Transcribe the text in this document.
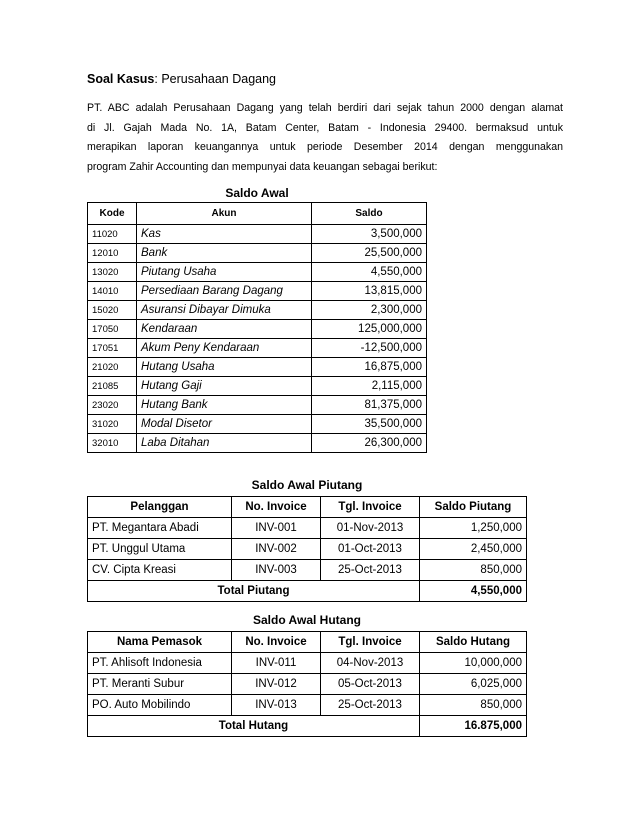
Soal Kasus: Perusahaan Dagang
PT. ABC adalah Perusahaan Dagang yang telah berdiri dari sejak tahun 2000 dengan alamat
di Jl. Gajah Mada No. 1A, Batam Center, Batam - Indonesia 29400. bermaksud untuk
merapikan laporan keuangannya untuk periode Desember 2014 dengan menggunakan
program Zahir Accounting dan mempunyai data keuangan sebagai berikut:
Saldo Awal
Kode	Akun	Saldo
11020	Kas	3,500,000
12010	Bank	25,500,000
13020	Piutang Usaha	4,550,000
14010	Persediaan Barang Dagang	13,815,000
15020	Asuransi Dibayar Dimuka	2,300,000
17050	Kendaraan	125,000,000
17051	Akum Peny Kendaraan	-12,500,000
21020	Hutang Usaha	16,875,000
21085	Hutang Gaji	2,115,000
23020	Hutang Bank	81,375,000
31020	Modal Disetor	35,500,000
32010	Laba Ditahan	26,300,000
Saldo Awal Piutang
Pelanggan	No. Invoice	Tgl. Invoice	Saldo Piutang
PT. Megantara Abadi	INV-001	01-Nov-2013	1,250,000
PT. Unggul Utama	INV-002	01-Oct-2013	2,450,000
CV. Cipta Kreasi	INV-003	25-Oct-2013	850,000
Total Piutang			4,550,000
Saldo Awal Hutang
Nama Pemasok	No. Invoice	Tgl. Invoice	Saldo Hutang
PT. Ahlisoft Indonesia	INV-011	04-Nov-2013	10,000,000
PT. Meranti Subur	INV-012	05-Oct-2013	6,025,000
PO. Auto Mobilindo	INV-013	25-Oct-2013	850,000
Total Hutang			16.875,000
